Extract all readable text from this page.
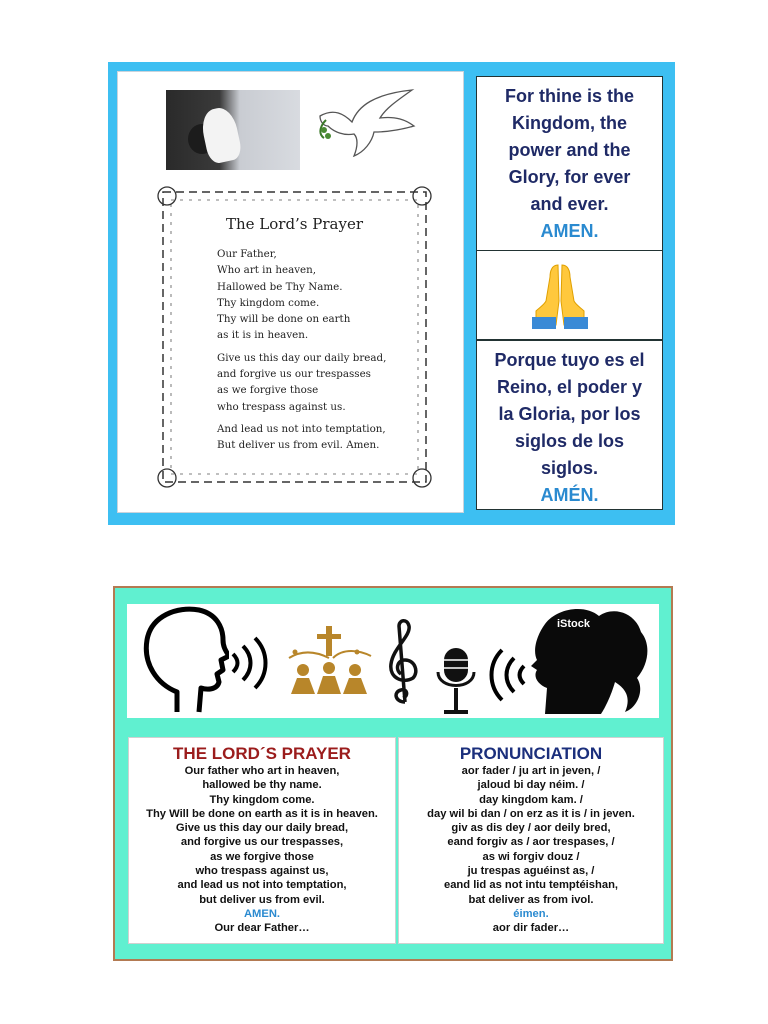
The Lord’s Prayer
Our Father,
Who art in heaven,
Hallowed be Thy Name.
Thy kingdom come.
Thy will be done on earth
as it is in heaven.
Give us this day our daily bread,
and forgive us our trespasses
as we forgive those
who trespass against us.
And lead us not into temptation,
But deliver us from evil. Amen.
For thine is the
Kingdom, the
power and the
Glory, for ever
and ever.
AMEN.
Porque tuyo es el
Reino, el poder y
la Gloria, por los
siglos de los
siglos.
AMÉN.
iStock
THE LORD´S PRAYER
Our father who art in heaven,
hallowed be thy name.
Thy kingdom come.
Thy Will be done on earth as it is in heaven.
Give us this day our daily bread,
and forgive us our trespasses,
as we forgive those
who trespass against us,
and lead us not into temptation,
but deliver us from evil.
AMEN.
Our dear Father…
PRONUNCIATION
aor fader / ju art in jeven, /
jaloud bi day néim. /
day kingdom kam. /
day wil bi dan / on erz as it is / in jeven.
giv as dis dey / aor deily bred,
eand forgiv as / aor trespases, /
as wi forgiv douz /
ju trespas aguéinst as, /
eand lid as not intu temptéishan,
bat deliver as from ivol.
éimen.
aor dir fader…
